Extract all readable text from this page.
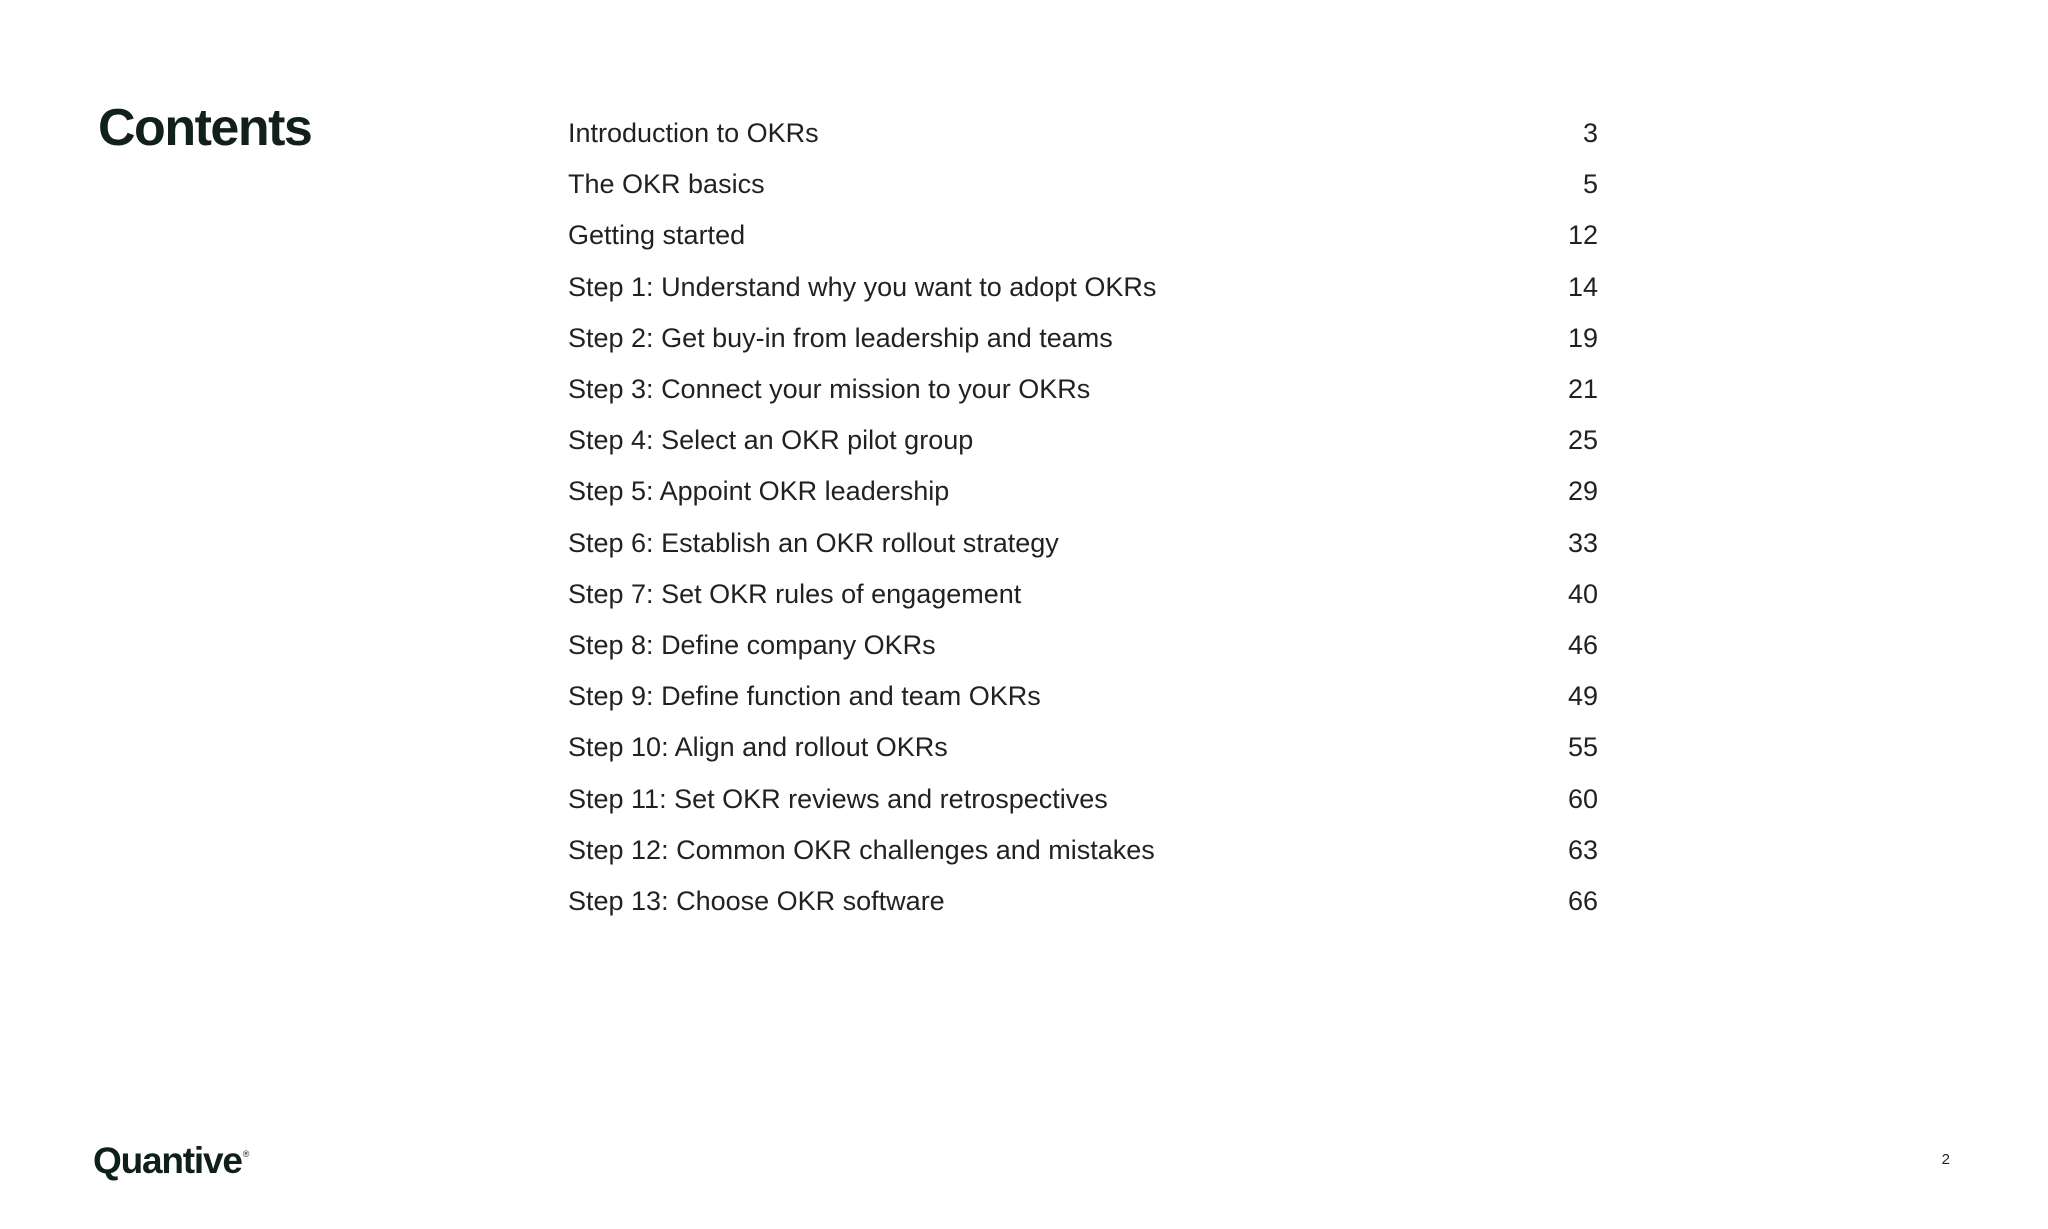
Contents	Introduction to OKRs	3
The OKR basics	5
Getting started	12
Step 1: Understand why you want to adopt OKRs	14
Step 2: Get buy-in from leadership and teams	19
Step 3: Connect your mission to your OKRs	21
Step 4: Select an OKR pilot group	25
Step 5: Appoint OKR leadership	29
Step 6: Establish an OKR rollout strategy	33
Step 7: Set OKR rules of engagement	40
Step 8: Define company OKRs	46
Step 9: Define function and team OKRs	49
Step 10: Align and rollout OKRs	55
Step 11: Set OKR reviews and retrospectives	60
Step 12: Common OKR challenges and mistakes	63
Step 13: Choose OKR software	66
Quantive ®	2
